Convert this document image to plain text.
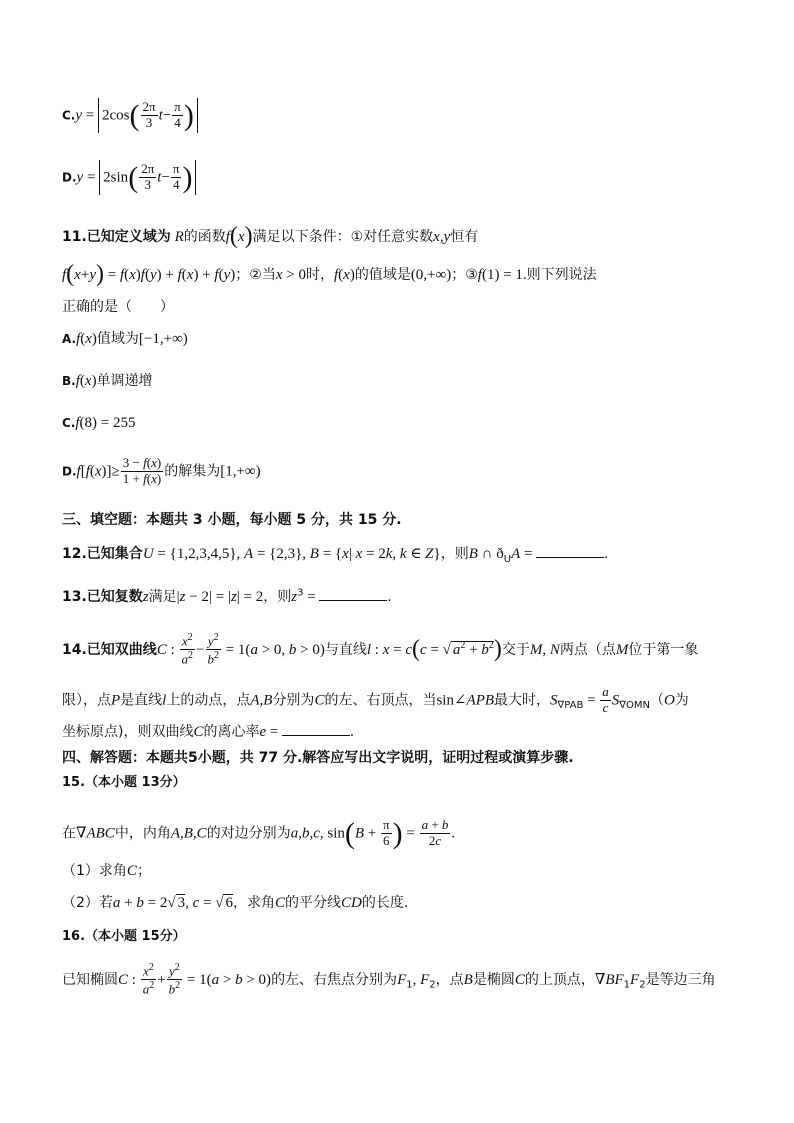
$C.y = 2\cos( \frac{2\pi}{3} t- \frac{\pi}{4}$ )
$D.y = 2\sin( \frac{2\pi}{3} t- \frac{\pi}{4}$ )
11.已知定义域为 R的函数f(x)满足以下条件：①对任意实数x,y恒有
f(x+y) = f(x)f(y) + f(x) + f(y)；②当x > 0时，f(x)的值域是(0,+∞)；③f(1) = 1.则下列说法
正确的是（　　）
A.f(x)值域为[−1,+∞)
B.f(x)单调递增
C.f(8) = 255
$D.f[f(x)]\ge \frac{3 - f(x)}{1 + f(x)}$ 的解集为[1,+∞)
三、填空题：本题共 3 小题，每小题 5 分，共 15 分.
12.已知集合U = {1,2,3,4,5}, A = {2,3}, B = {x| x = 2k, k ∈ Z}，则B ∩ $ð_UA$ =	.
13.已知复数z满足|z − 2| = |z| = 2，则$z^3$ =	.
14.已知双曲线C : $\frac{x^2}{a^2} - \frac{y^2}{b^2} = 1(a > 0$, b > 0)与直线l : x = c(c = √ $a^2 + b^2$)交于M, N两点（点M位于第一象
限），点P是直线l上的动点，点A,B分别为C的左、右顶点，当sin∠APB最大时，$S_{\nabla PAB} = \frac{a}{c} S_{\nabla OMN}(O$为
坐标原点)，则双曲线C的离心率e =	.
四、解答题：本题共5小题，共 77 分.解答应写出文字说明，证明过程或演算步骤.
15.（本小题 13分）
在∇ABC中，内角A,B,C的对边分别为a,b,c, $\sin(B + \frac{\pi}{6}$ ) = $\frac{a + b}{2c}$ .
（1）求角C；
（2）若a + b = 2√ 3, c = √ 6，求角C的平分线CD的长度.
16.（本小题 15分）
已知椭圆C : $\frac{x^2}{a^2} + \frac{y^2}{b^2} = 1(a > b > 0)$的左、右焦点分别为$F_1$, $F_2$，点B是椭圆C的上顶点，$\nabla BF_1F_2$是等边三角
